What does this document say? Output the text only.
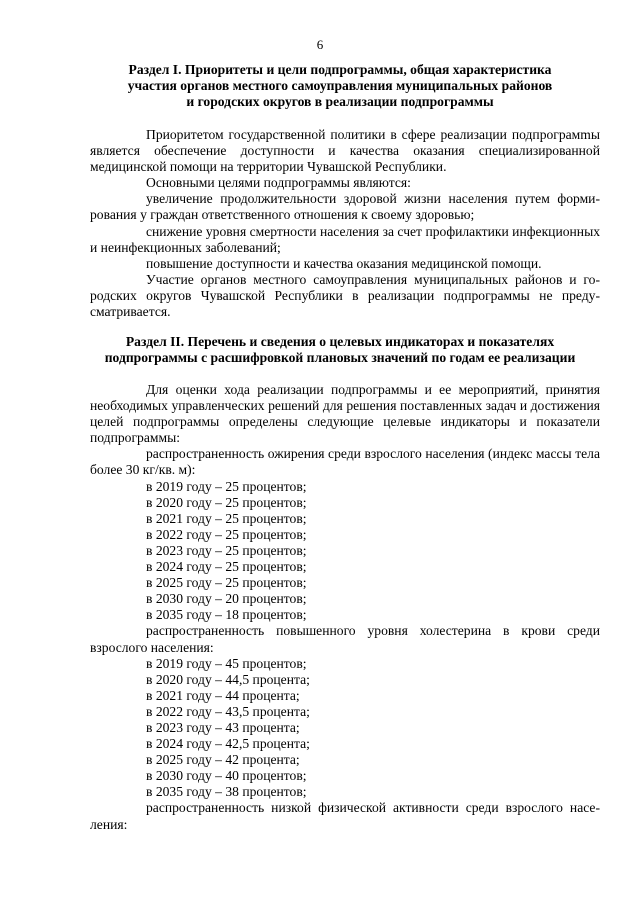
6
Раздел I. Приоритеты и цели подпрограммы, общая характеристика
участия органов местного самоуправления муниципальных районов
и городских округов в реализации подпрограммы

Приоритетом государственной политики в сфере реализации подпрограмmы является обеспечение доступности и качества оказания специализированной медицинской помощи на территории Чувашской Республики.

Основными целями подпрограммы являются:

увеличение продолжительности здоровой жизни населения путем формирования у граждан ответственного отношения к своему здоровью;

снижение уровня смертности населения за счет профилактики инфекционных и неинфекционных заболеваний;

повышение доступности и качества оказания медицинской помощи.

Участие органов местного самоуправления муниципальных районов и городских округов Чувашской Республики в реализации подпрограммы не предусматривается.

Раздел II. Перечень и сведения о целевых индикаторах и показателях
подпрограммы с расшифровкой плановых значений по годам ее реализации

Для оценки хода реализации подпрограммы и ее мероприятий, принятия необходимых управленческих решений для решения поставленных задач и достижения целей подпрограммы определены следующие целевые индикаторы и показатели подпрограммы:

распространенность ожирения среди взрослого населения (индекс массы тела более 30 кг/кв. м):

в 2019 году – 25 процентов;

в 2020 году – 25 процентов;

в 2021 году – 25 процентов;

в 2022 году – 25 процентов;

в 2023 году – 25 процентов;

в 2024 году – 25 процентов;

в 2025 году – 25 процентов;

в 2030 году – 20 процентов;

в 2035 году – 18 процентов;

распространенность повышенного уровня холестерина в крови среди взрослого населения:

в 2019 году – 45 процентов;

в 2020 году – 44,5 процента;

в 2021 году – 44 процента;

в 2022 году – 43,5 процента;

в 2023 году – 43 процента;

в 2024 году – 42,5 процента;

в 2025 году – 42 процента;

в 2030 году – 40 процентов;

в 2035 году – 38 процентов;

распространенность низкой физической активности среди взрослого населения:
